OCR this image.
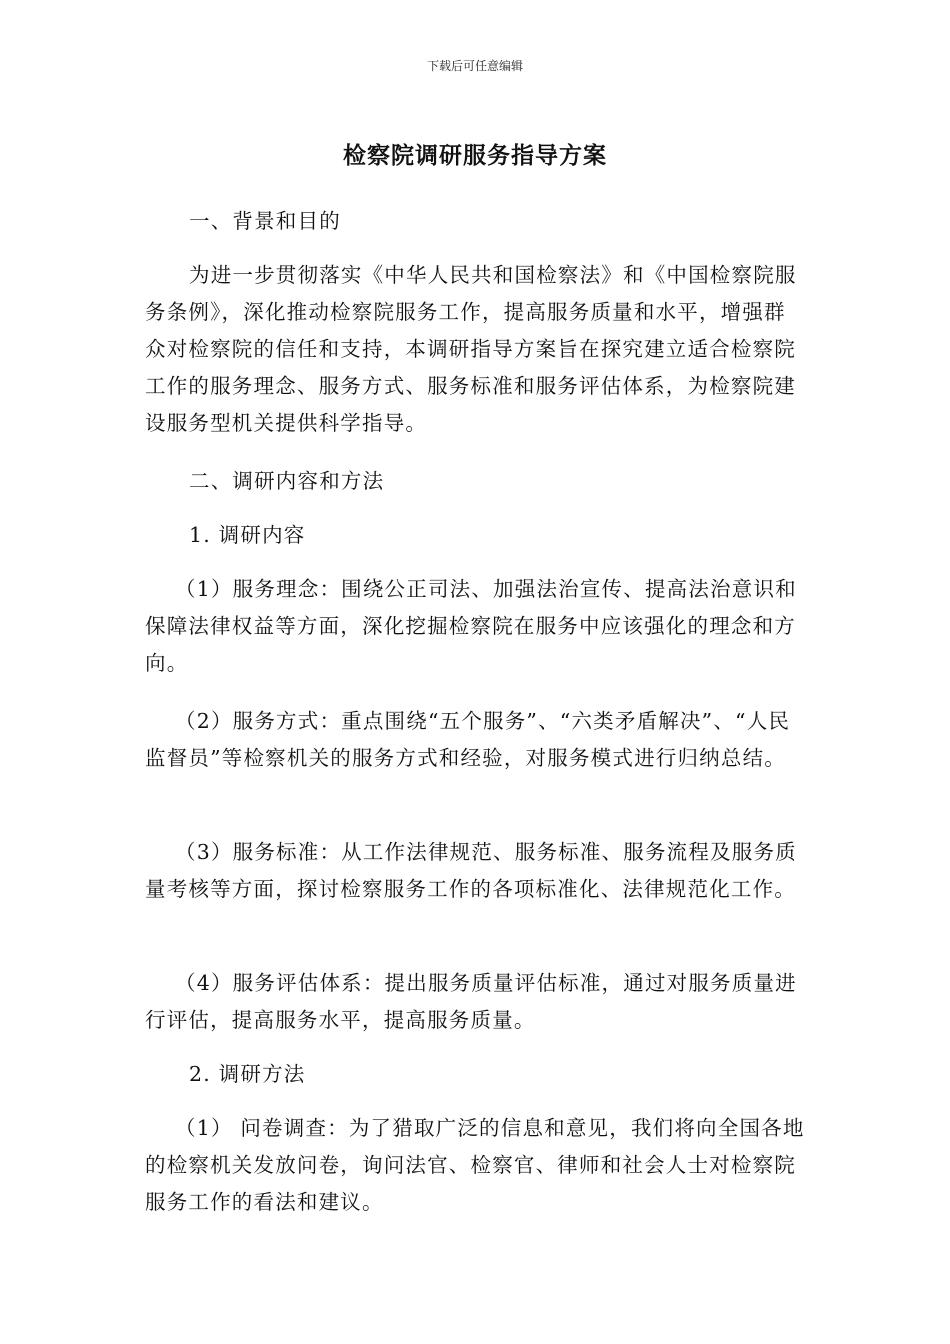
下载后可任意编辑
检察院调研服务指导方案

一、背景和目的

为进一步贯彻落实《中华人民共和国检察法》和《中国检察院服务条例》，深化推动检察院服务工作，提高服务质量和水平，增强群众对检察院的信任和支持，本调研指导方案旨在探究建立适合检察院工作的服务理念、服务方式、服务标准和服务评估体系，为检察院建设服务型机关提供科学指导。

二、调研内容和方法

1. 调研内容

（1）服务理念：围绕公正司法、加强法治宣传、提高法治意识和保障法律权益等方面，深化挖掘检察院在服务中应该强化的理念和方向。

（2）服务方式：重点围绕“五个服务”、“六类矛盾解决”、“人民监督员”等检察机关的服务方式和经验，对服务模式进行归纳总结。

（3）服务标准：从工作法律规范、服务标准、服务流程及服务质量考核等方面，探讨检察服务工作的各项标准化、法律规范化工作。

（4）服务评估体系：提出服务质量评估标准，通过对服务质量进行评估，提高服务水平，提高服务质量。

2. 调研方法

（1） 问卷调查：为了猎取广泛的信息和意见，我们将向全国各地的检察机关发放问卷，询问法官、检察官、律师和社会人士对检察院服务工作的看法和建议。
